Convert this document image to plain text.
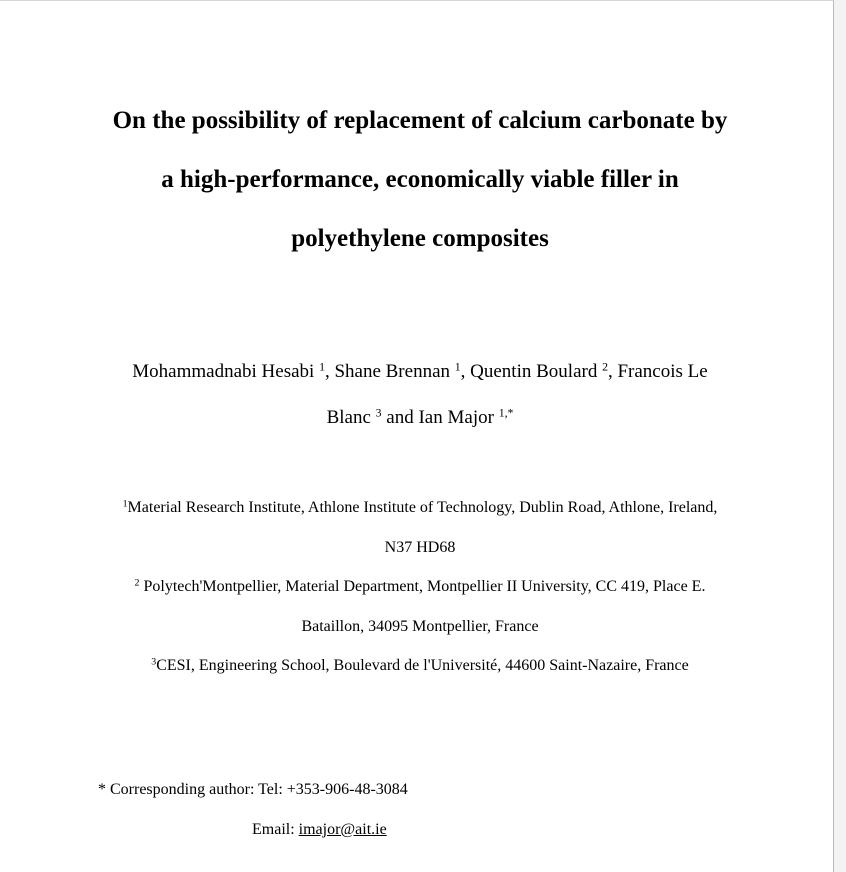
On the possibility of replacement of calcium carbonate by
a high-performance, economically viable filler in
polyethylene composites
Mohammadnabi Hesabi $^1$, Shane Brennan $^1$, Quentin Boulard $^2$, Francois Le
Blanc $^3$ and Ian Major $^{1,*}$
$^1$Material Research Institute, Athlone Institute of Technology, Dublin Road, Athlone, Ireland,
N37 HD68
$^2$ Polytech'Montpellier, Material Department, Montpellier II University, CC 419, Place E.
Bataillon, 34095 Montpellier, France
$^3$CESI, Engineering School, Boulevard de l'Université, 44600 Saint-Nazaire, France
* Corresponding author: Tel: +353-906-48-3084
Email: imajor@ait.ie
